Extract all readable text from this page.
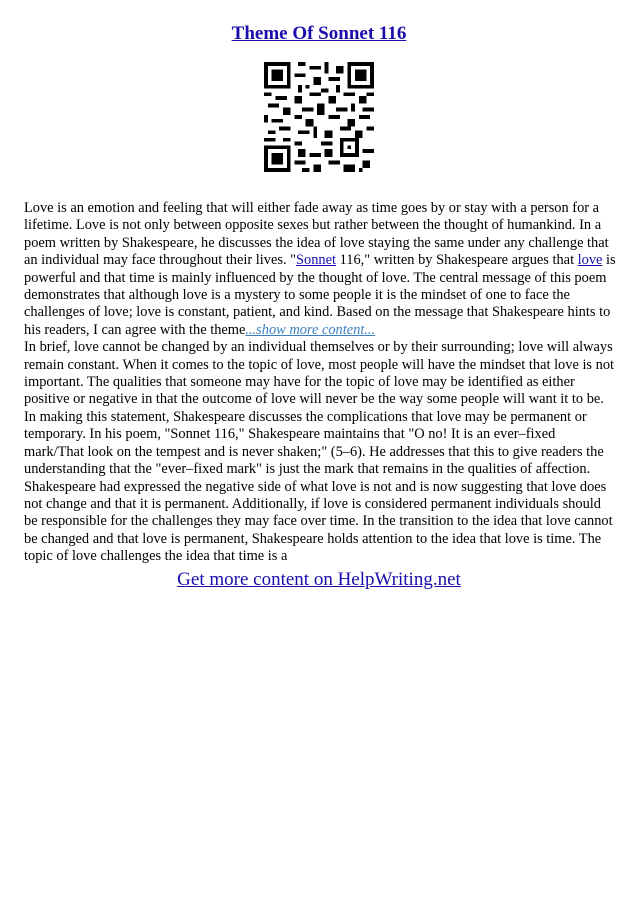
Theme Of Sonnet 116

Love is an emotion and feeling that will either fade away as time goes by or stay with a person for a lifetime. Love is not only between opposite sexes but rather between the thought of humankind. In a poem written by Shakespeare, he discusses the idea of love staying the same under any challenge that an individual may face throughout their lives. "Sonnet 116," written by Shakespeare argues that love is powerful and that time is mainly influenced by the thought of love. The central message of this poem demonstrates that although love is a mystery to some people it is the mindset of one to face the challenges of love; love is constant, patient, and kind. Based on the message that Shakespeare hints to his readers, I can agree with the theme...show more content...

In brief, love cannot be changed by an individual themselves or by their surrounding; love will always remain constant. When it comes to the topic of love, most people will have the mindset that love is not important. The qualities that someone may have for the topic of love may be identified as either positive or negative in that the outcome of love will never be the way some people will want it to be. In making this statement, Shakespeare discusses the complications that love may be permanent or temporary. In his poem, "Sonnet 116," Shakespeare maintains that "O no! It is an ever–fixed mark/That look on the tempest and is never shaken;" (5–6). He addresses that this to give readers the understanding that the "ever–fixed mark" is just the mark that remains in the qualities of affection. Shakespeare had expressed the negative side of what love is not and is now suggesting that love does not change and that it is permanent. Additionally, if love is considered permanent individuals should be responsible for the challenges they may face over time. In the transition to the idea that love cannot be changed and that love is permanent, Shakespeare holds attention to the idea that love is time. The topic of love challenges the idea that time is a

Get more content on HelpWriting.net
